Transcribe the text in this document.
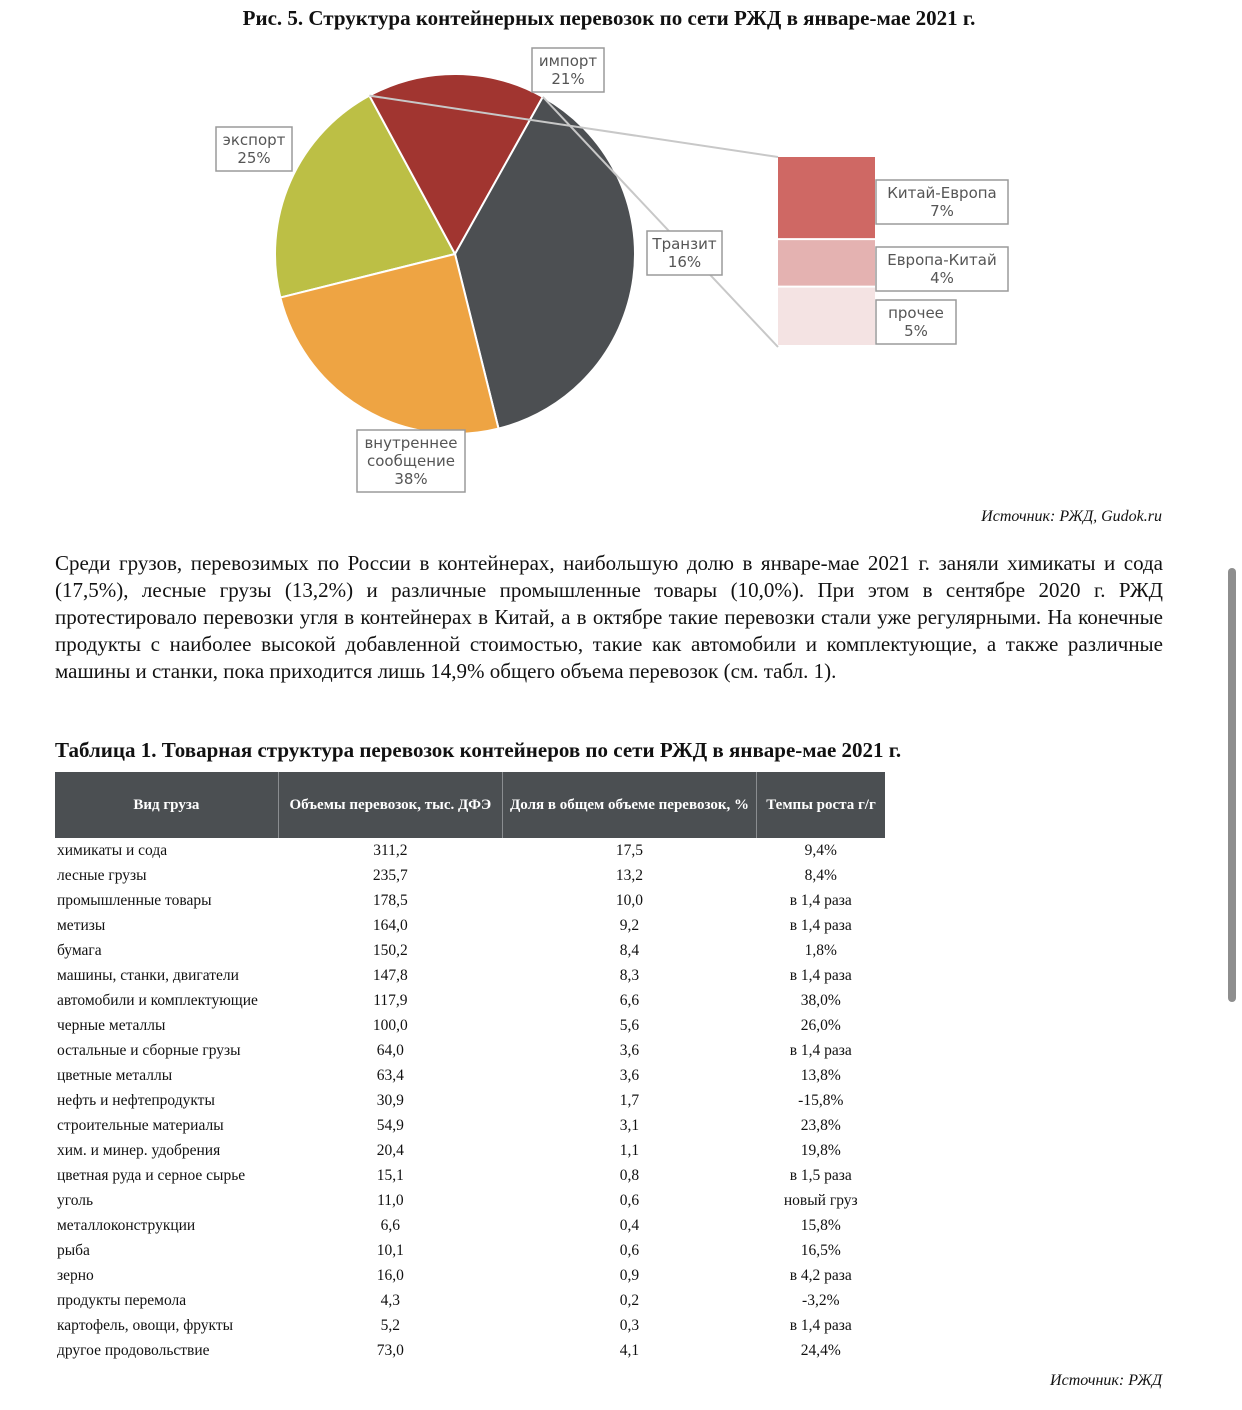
Рис. 5. Структура контейнерных перевозок по сети РЖД в январе-мае 2021 г.
импорт
21%
Транзит
16%
внутреннее
сообщение
38%
экспорт
25%
Китай-Европа
7%
Европа-Китай
4%
прочее
5%
Источник: РЖД, Gudok.ru

Среди грузов, перевозимых по России в контейнерах, наибольшую долю в январе-мае 2021 г. заняли химикаты и сода (17,5%), лесные грузы (13,2%) и различные промышленные товары (10,0%). При этом в сентябре 2020 г. РЖД протестировало перевозки угля в контейнерах в Китай, а в октябре такие перевозки стали уже регулярными. На конечные продукты с наиболее высокой добавленной стоимостью, такие как автомобили и комплектующие, а также различные машины и станки, пока приходится лишь 14,9% общего объема перевозок (см. табл. 1).

Таблица 1. Товарная структура перевозок контейнеров по сети РЖД в январе-мае 2021 г.
Вид груза	Объемы перевозок, тыс. ДФЭ	Доля в общем объеме перевозок, %	Темпы роста г/г
химикаты и сода	311,2	17,5	9,4%
лесные грузы	235,7	13,2	8,4%
промышленные товары	178,5	10,0	в 1,4 раза
метизы	164,0	9,2	в 1,4 раза
бумага	150,2	8,4	1,8%
машины, станки, двигатели	147,8	8,3	в 1,4 раза
автомобили и комплектующие	117,9	6,6	38,0%
черные металлы	100,0	5,6	26,0%
остальные и сборные грузы	64,0	3,6	в 1,4 раза
цветные металлы	63,4	3,6	13,8%
нефть и нефтепродукты	30,9	1,7	-15,8%
строительные материалы	54,9	3,1	23,8%
хим. и минер. удобрения	20,4	1,1	19,8%
цветная руда и серное сырье	15,1	0,8	в 1,5 раза
уголь	11,0	0,6	новый груз
металлоконструкции	6,6	0,4	15,8%
рыба	10,1	0,6	16,5%
зерно	16,0	0,9	в 4,2 раза
продукты перемола	4,3	0,2	-3,2%
картофель, овощи, фрукты	5,2	0,3	в 1,4 раза
другое продовольствие	73,0	4,1	24,4%
Источник: РЖД
